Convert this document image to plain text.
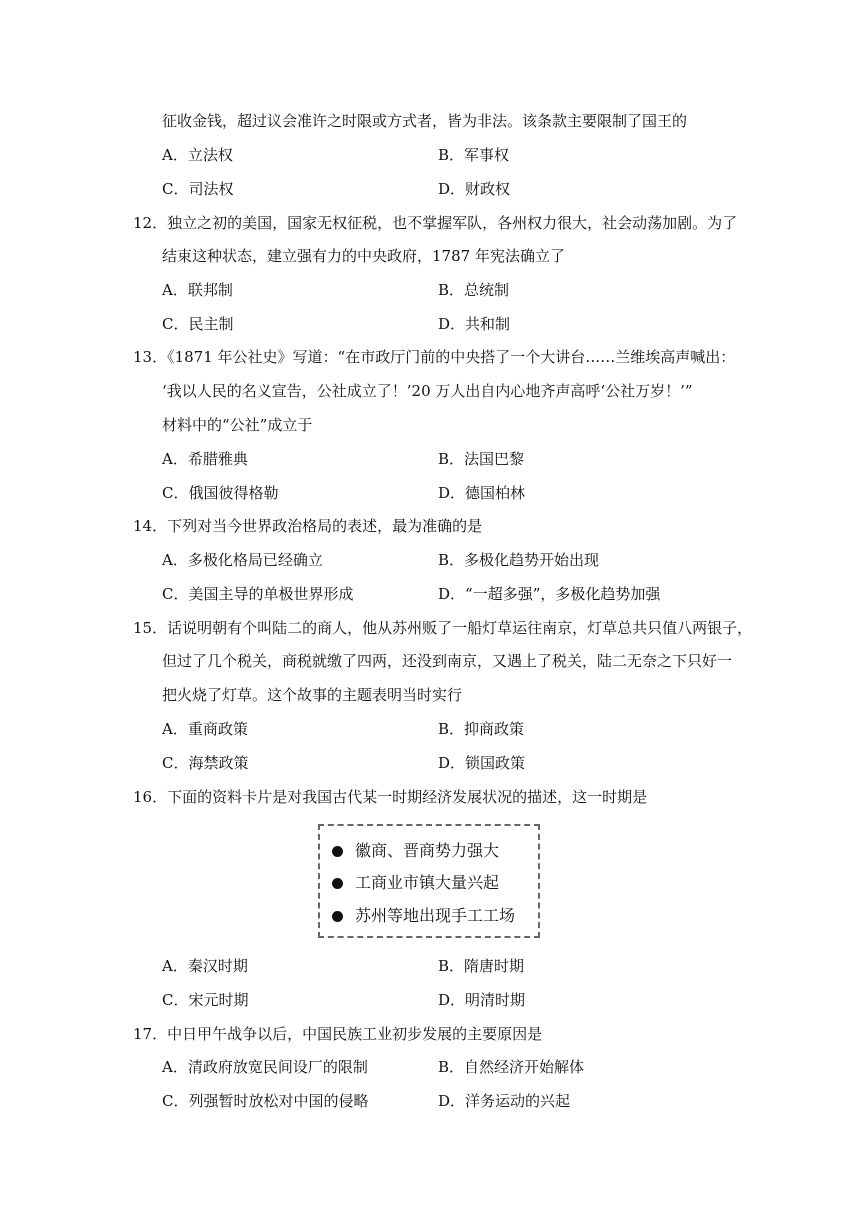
征收金钱，超过议会准许之时限或方式者，皆为非法。该条款主要限制了国王的
A．立法权	B．军事权
C．司法权	D．财政权
12．独立之初的美国，国家无权征税，也不掌握军队，各州权力很大，社会动荡加剧。为了
结束这种状态，建立强有力的中央政府，1787 年宪法确立了
A．联邦制	B．总统制
C．民主制	D．共和制
13．《1871 年公社史》写道：“在市政厅门前的中央搭了一个大讲台……兰维埃高声喊出：
‘我以人民的名义宣告，公社成立了！’20 万人出自内心地齐声高呼‘公社万岁！’”
材料中的“公社”成立于
A．希腊雅典	B．法国巴黎
C．俄国彼得格勒	D．德国柏林
14．下列对当今世界政治格局的表述，最为准确的是
A．多极化格局已经确立	B．多极化趋势开始出现
C．美国主导的单极世界形成	D．“一超多强”，多极化趋势加强
15．话说明朝有个叫陆二的商人，他从苏州贩了一船灯草运往南京，灯草总共只值八两银子，
但过了几个税关，商税就缴了四两，还没到南京，又遇上了税关，陆二无奈之下只好一
把火烧了灯草。这个故事的主题表明当时实行
A．重商政策	B．抑商政策
C．海禁政策	D．锁国政策
16．下面的资料卡片是对我国古代某一时期经济发展状况的描述，这一时期是
徽商、晋商势力强大
工商业市镇大量兴起
苏州等地出现手工工场
A．秦汉时期	B．隋唐时期
C．宋元时期	D．明清时期
17．中日甲午战争以后，中国民族工业初步发展的主要原因是
A．清政府放宽民间设厂的限制	B．自然经济开始解体
C．列强暂时放松对中国的侵略	D．洋务运动的兴起
